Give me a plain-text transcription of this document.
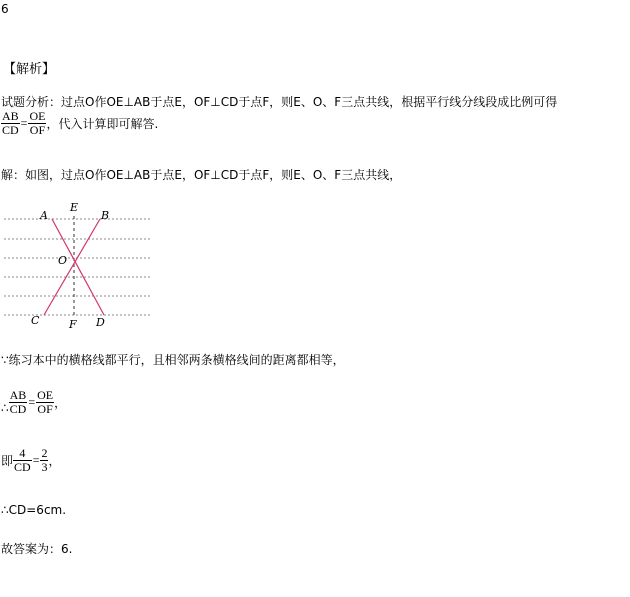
6
【解析】
试题分析：过点O作OE⊥AB于点E，OF⊥CD于点F，则E、O、F三点共线，根据平行线分线段成比例可得
$\frac{AB}{CD} = \frac{OE}{OF}$ ，代入计算即可解答.
解：如图，过点O作OE⊥AB于点E，OF⊥CD于点F，则E、O、F三点共线，
A
E
B
O
C	F D
∵练习本中的横格线都平行，且相邻两条横格线间的距离都相等，
∴ $\frac{AB}{CD} = \frac{OE}{OF}$ ，
即 $\frac{4}{CD} = \frac{2}{3}$ ，
∴CD=6cm.
故答案为：6.
